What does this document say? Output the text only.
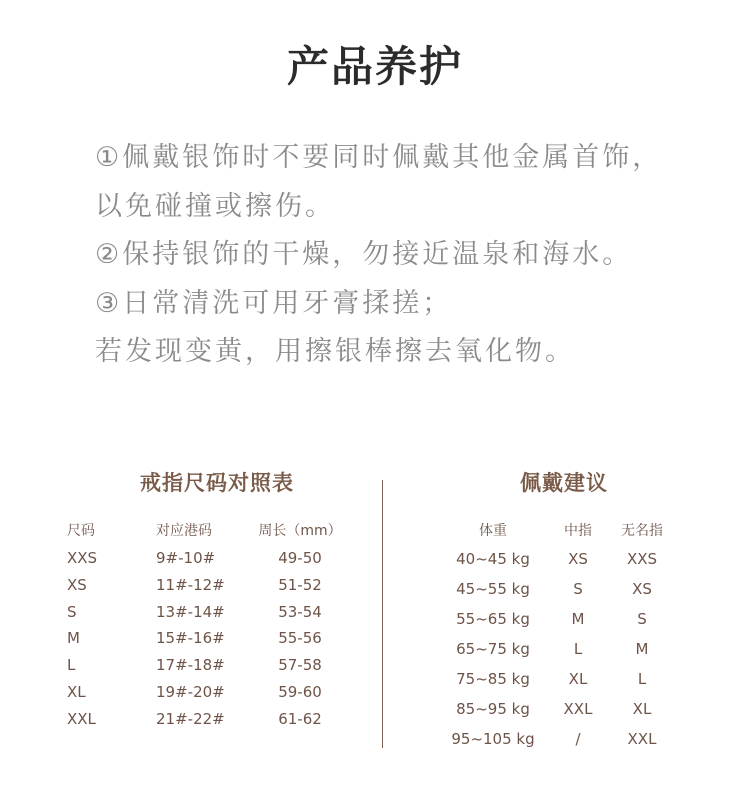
产品养护
①佩戴银饰时不要同时佩戴其他金属首饰，
以免碰撞或擦伤。
②保持银饰的干燥，勿接近温泉和海水。
③日常清洗可用牙膏揉搓；
若发现变黄，用擦银棒擦去氧化物。
戒指尺码对照表	佩戴建议
尺码	对应港码	周长（mm）
XXS	9#-10#	49-50
XS	11#-12#	51-52
S	13#-14#	53-54
M	15#-16#	55-56
L	17#-18#	57-58
XL	19#-20#	59-60
XXL	21#-22#	61-62
体重	中指	无名指
40~45 kg	XS	XXS
45~55 kg	S	XS
55~65 kg	M	S
65~75 kg	L	M
75~85 kg	XL	L
85~95 kg	XXL	XL
95~105 kg	/	XXL
